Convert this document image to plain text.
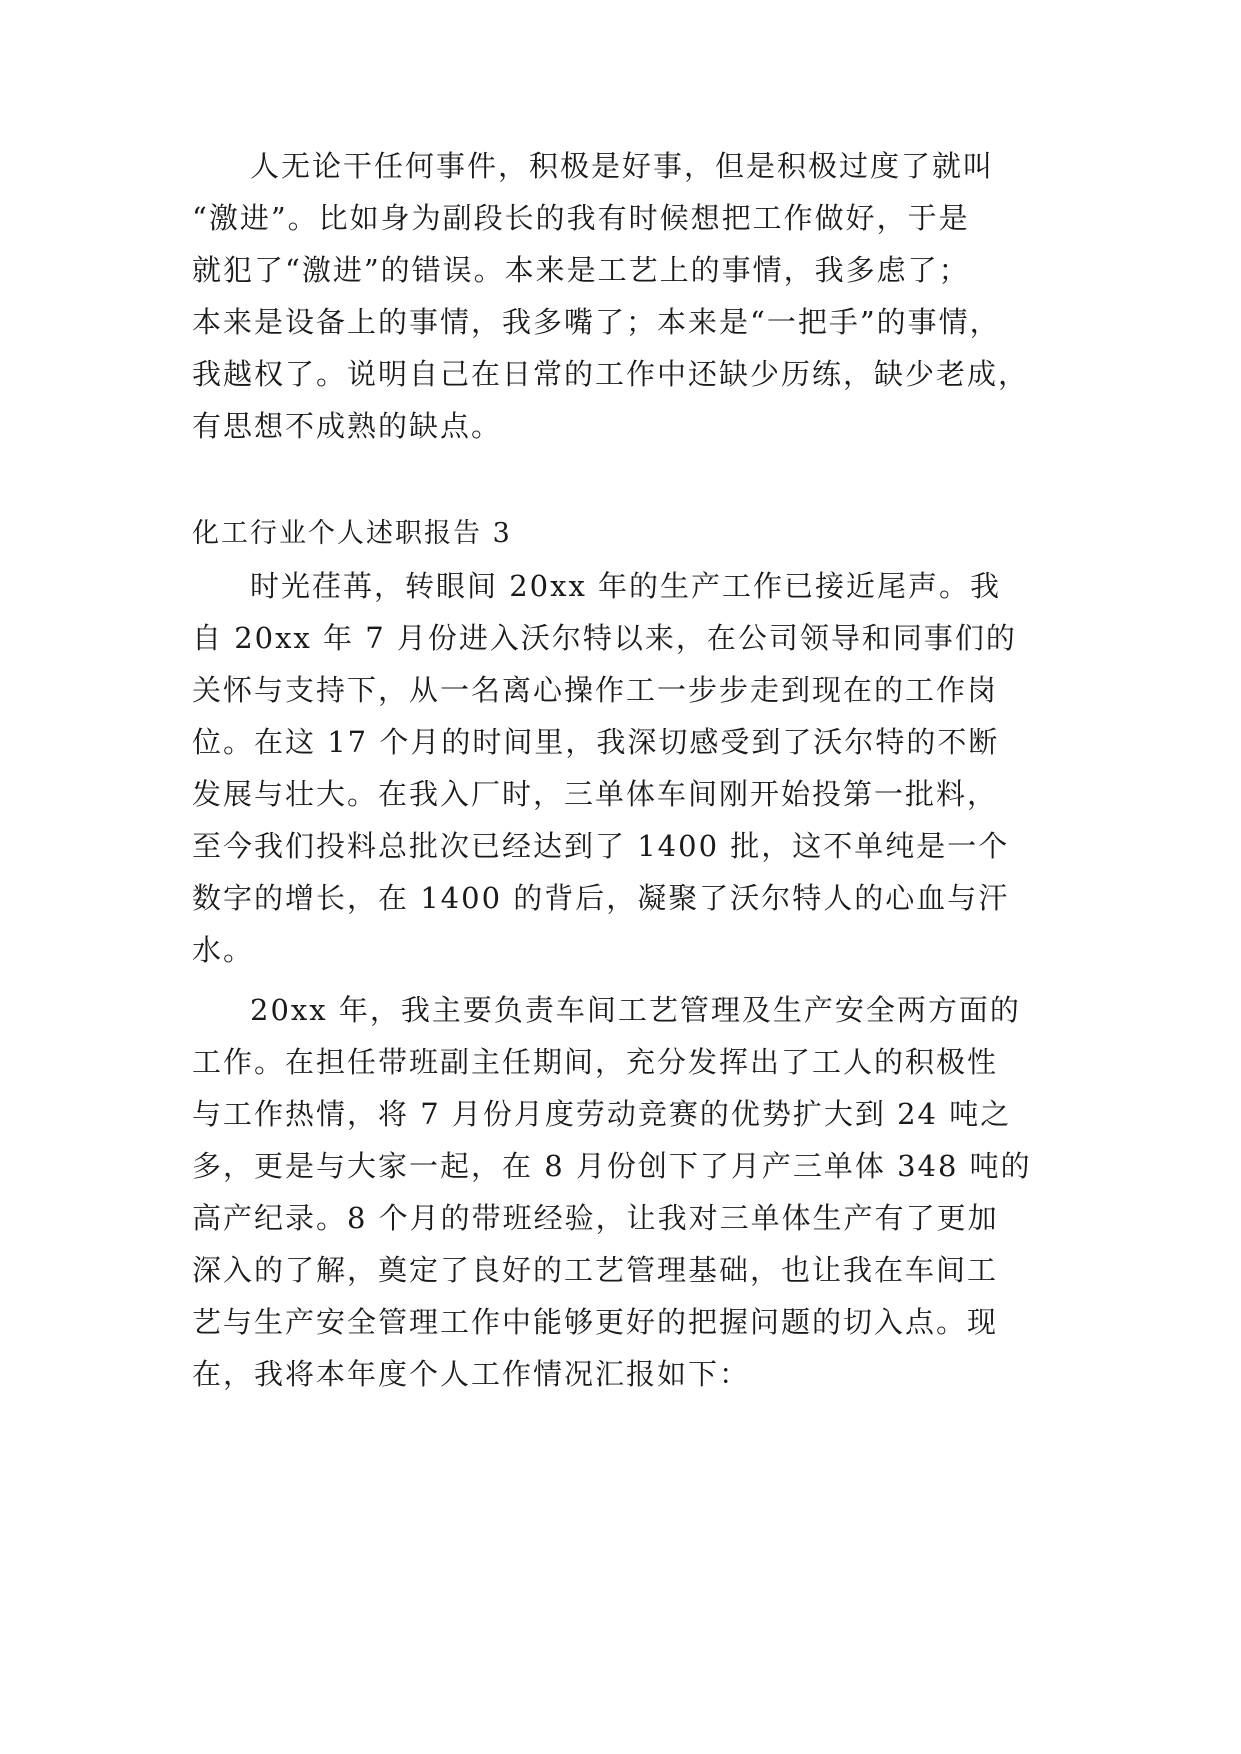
人无论干任何事件，积极是好事，但是积极过度了就叫
“激进”。比如身为副段长的我有时候想把工作做好，于是
就犯了“激进”的错误。本来是工艺上的事情，我多虑了；
本来是设备上的事情，我多嘴了；本来是“一把手”的事情，
我越权了。说明自己在日常的工作中还缺少历练，缺少老成，
有思想不成熟的缺点。
化工行业个人述职报告 3
时光荏苒，转眼间 20xx 年的生产工作已接近尾声。我
自 20xx 年 7 月份进入沃尔特以来，在公司领导和同事们的
关怀与支持下，从一名离心操作工一步步走到现在的工作岗
位。在这 17 个月的时间里，我深切感受到了沃尔特的不断
发展与壮大。在我入厂时，三单体车间刚开始投第一批料，
至今我们投料总批次已经达到了 1400 批，这不单纯是一个
数字的增长，在 1400 的背后，凝聚了沃尔特人的心血与汗
水。
20xx 年，我主要负责车间工艺管理及生产安全两方面的
工作。在担任带班副主任期间，充分发挥出了工人的积极性
与工作热情，将 7 月份月度劳动竞赛的优势扩大到 24 吨之
多，更是与大家一起，在 8 月份创下了月产三单体 348 吨的
高产纪录。8 个月的带班经验，让我对三单体生产有了更加
深入的了解，奠定了良好的工艺管理基础，也让我在车间工
艺与生产安全管理工作中能够更好的把握问题的切入点。现
在，我将本年度个人工作情况汇报如下：
